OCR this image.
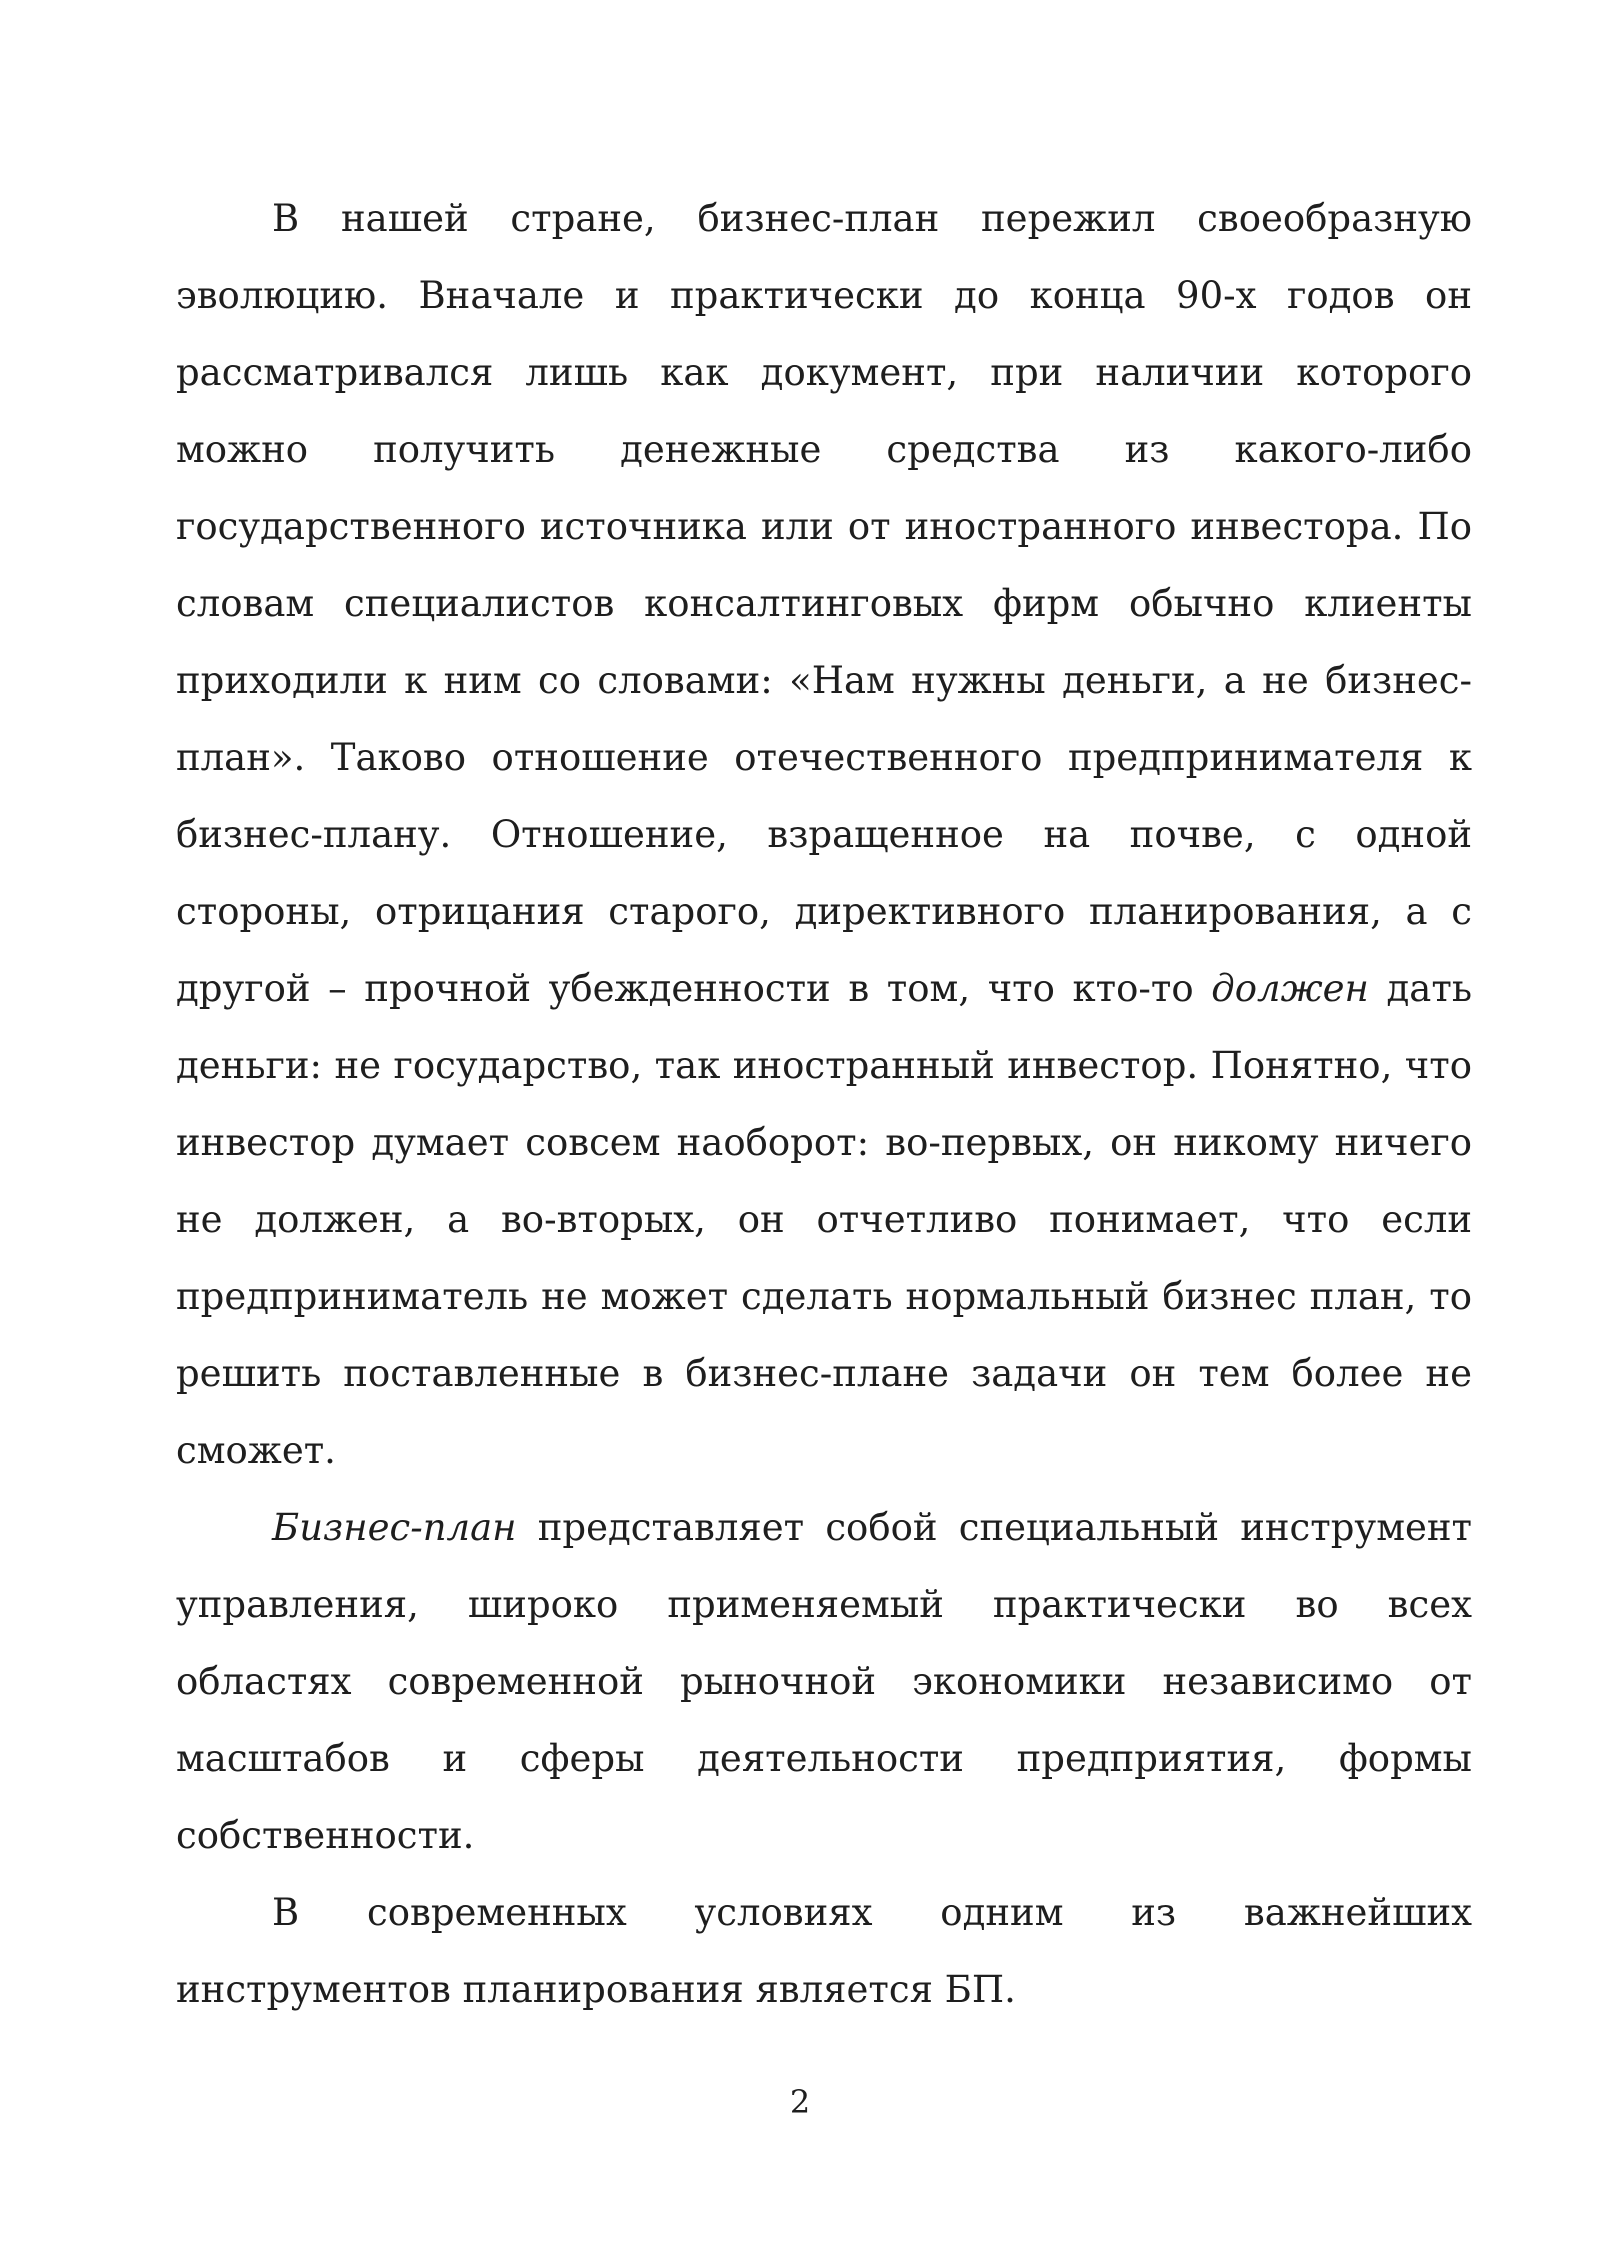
В нашей стране, бизнес-план пережил своеобразную эволюцию. Вначале и практически до конца 90-х годов он рассматривался лишь как документ, при наличии которого можно получить денежные средства из какого-либо государственного источника или от иностранного инвестора. По словам специалистов консалтинговых фирм обычно клиенты приходили к ним со словами: «Нам нужны деньги, а не бизнес-план». Таково отношение отечественного предпринимателя к бизнес-плану. Отношение, взращенное на почве, с одной стороны, отрицания старого, директивного планирования, а с другой – прочной убежденности в том, что кто-то должен дать деньги: не государство, так иностранный инвестор. Понятно, что инвестор думает совсем наоборот: во-первых, он никому ничего не должен, а во-вторых, он отчетливо понимает, что если предприниматель не может сделать нормальный бизнес план, то решить поставленные в бизнес-плане задачи он тем более не сможет.

Бизнес-план представляет собой специальный инструмент управления, широко применяемый практически во всех областях современной рыночной экономики независимо от масштабов и сферы деятельности предприятия, формы собственности.

В современных условиях одним из важнейших инструментов планирования является БП.

2
